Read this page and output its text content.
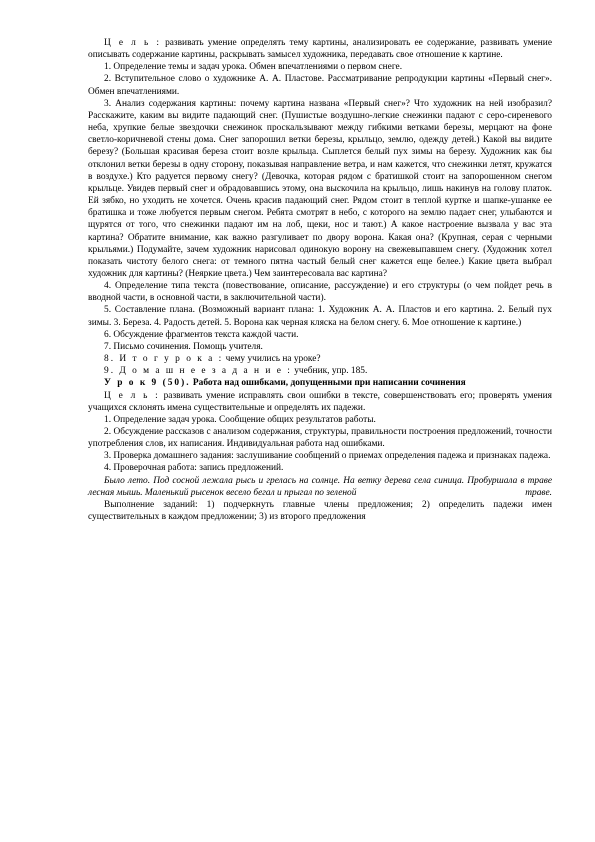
Ц е л ь : развивать умение определять тему картины, анализировать ее содержание, развивать умение описывать содержание картины, раскрывать замысел художника, передавать свое отношение к картине.

1. Определение темы и задач урока. Обмен впечатлениями о первом снеге.

2. Вступительное слово о художнике А. А. Пластове. Рассматривание репродукции картины «Первый снег». Обмен впечатлениями.

3. Анализ содержания картины: почему картина названа «Первый снег»? Что художник на ней изобразил? Расскажите, каким вы видите падающий снег. (Пушистые воздушно-легкие снежинки падают с серо-сиреневого неба, хрупкие белые звездочки снежинок проскальзывают между гибкими ветками березы, мерцают на фоне светло-коричневой стены дома. Снег запорошил ветки березы, крыльцо, землю, одежду детей.) Какой вы видите березу? (Большая красивая береза стоит возле крыльца. Сыплется белый пух зимы на березу. Художник как бы отклонил ветки березы в одну сторону, показывая направление ветра, и нам кажется, что снежинки летят, кружатся в воздухе.) Кто радуется первому снегу? (Девочка, которая рядом с братишкой стоит на запорошенном снегом крыльце. Увидев первый снег и обрадовавшись этому, она выскочила на крыльцо, лишь накинув на голову платок. Ей зябко, но уходить не хочется. Очень красив падающий снег. Рядом стоит в теплой куртке и шапке-ушанке ее братишка и тоже любуется первым снегом. Ребята смотрят в небо, с которого на землю падает снег, улыбаются и щурятся от того, что снежинки падают им на лоб, щеки, нос и тают.) А какое настроение вызвала у вас эта картина? Обратите внимание, как важно разгуливает по двору ворона. Какая она? (Крупная, серая с черными крыльями.) Подумайте, зачем художник нарисовал одинокую ворону на свежевыпавшем снегу. (Художник хотел показать чистоту белого снега: от темного пятна частый белый снег кажется еще белее.) Какие цвета выбрал художник для картины? (Неяркие цвета.) Чем заинтересовала вас картина?

4. Определение типа текста (повествование, описание, рассуждение) и его структуры (о чем пойдет речь в вводной части, в основной части, в заключительной части).

5. Составление плана. (Возможный вариант плана: 1. Художник А. А. Пластов и его картина. 2. Белый пух зимы. 3. Береза. 4. Радость детей. 5. Ворона как черная кляска на белом снегу. 6. Мое отношение к картине.)

6. Обсуждение фрагментов текста каждой части.

7. Письмо сочинения. Помощь учителя.

8. И т о г у р о к а : чему учились на уроке?

9. Д о м а ш н е е з а д а н и е : учебник, упр. 185.

У р о к 9 (50). Работа над ошибками, допущенными при написании сочинения

Ц е л ь : развивать умение исправлять свои ошибки в тексте, совершенствовать его; проверять умения учащихся склонять имена существительные и определять их падежи.

1. Определение задач урока. Сообщение общих результатов работы.

2. Обсуждение рассказов с анализом содержания, структуры, правильности построения предложений, точности употребления слов, их написания. Индивидуальная работа над ошибками.

3. Проверка домашнего задания: заслушивание сообщений о приемах определения падежа и признаках падежа.

4. Проверочная работа: запись предложений.

Было лето. Под сосной лежала рысь и грелась на солнце. На ветку дерева села синица. Пробуршала в траве лесная мышь. Маленький рысенок весело бегал и прыгал по зеленой	траве.

Выполнение заданий: 1) подчеркнуть главные члены предложения; 2) определить падежи имен существительных в каждом предложении; 3) из второго предложения
